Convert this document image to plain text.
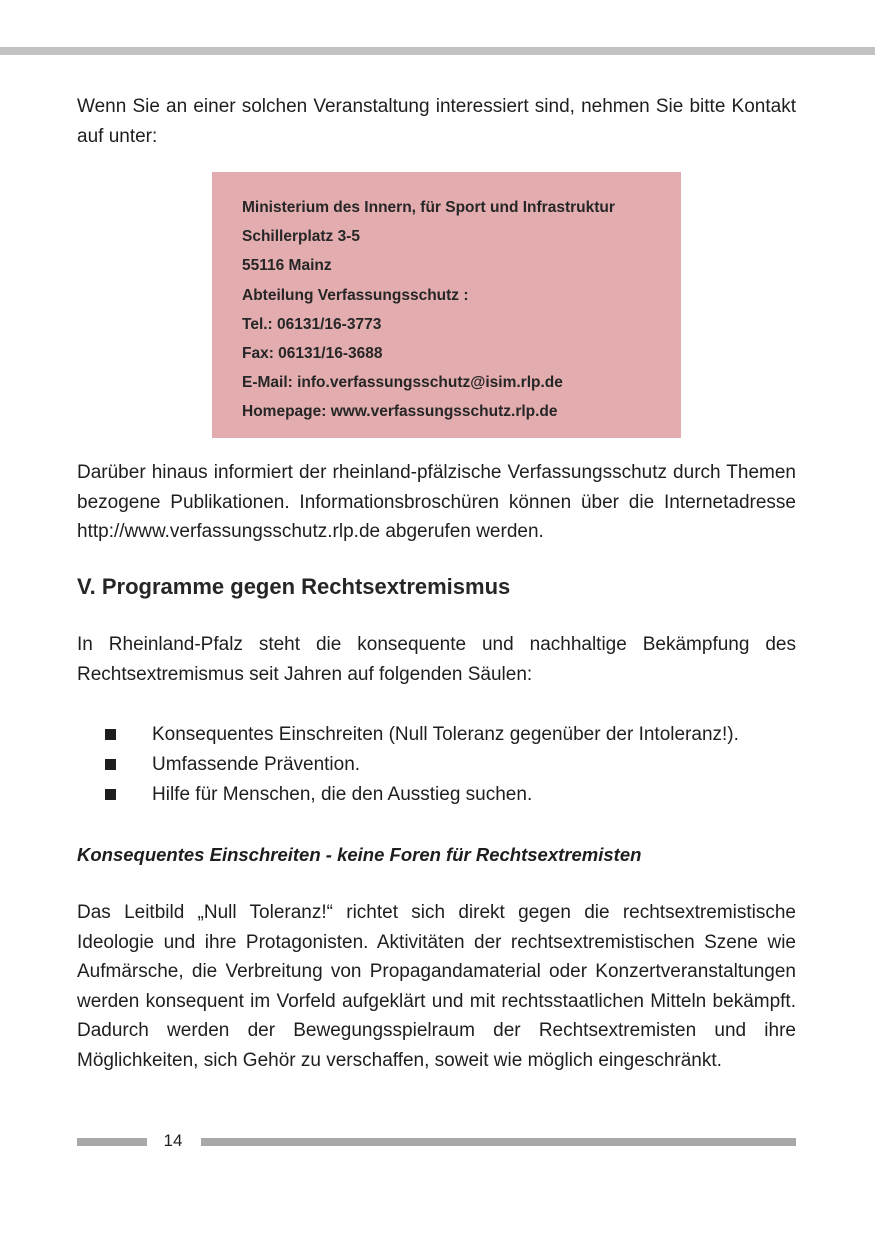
Wenn Sie an einer solchen Veranstaltung interessiert sind, nehmen Sie bitte Kontakt auf unter:

Ministerium des Innern, für Sport und Infrastruktur
Schillerplatz 3-5
55116 Mainz
Abteilung Verfassungsschutz :
Tel.: 06131/16-3773
Fax: 06131/16-3688
E-Mail: info.verfassungsschutz@isim.rlp.de
Homepage: www.verfassungsschutz.rlp.de

Darüber hinaus informiert der rheinland-pfälzische Verfassungsschutz durch Themen bezogene Publikationen. Informationsbroschüren können über die Internetadresse http://www.verfassungsschutz.rlp.de abgerufen werden.

V. Programme gegen Rechtsextremismus

In Rheinland-Pfalz steht die konsequente und nachhaltige Bekämpfung des Rechtsextremismus seit Jahren auf folgenden Säulen:

Konsequentes Einschreiten (Null Toleranz gegenüber der Intoleranz!).
Umfassende Prävention.
Hilfe für Menschen, die den Ausstieg suchen.
Konsequentes Einschreiten - keine Foren für Rechtsextremisten

Das Leitbild „Null Toleranz!“ richtet sich direkt gegen die rechtsextremistische Ideologie und ihre Protagonisten. Aktivitäten der rechtsextremistischen Szene wie Aufmärsche, die Verbreitung von Propagandamaterial oder Konzertveranstaltungen werden konsequent im Vorfeld aufgeklärt und mit rechtsstaatlichen Mitteln bekämpft. Dadurch werden der Bewegungsspielraum der Rechtsextremisten und ihre Möglichkeiten, sich Gehör zu verschaffen, soweit wie möglich eingeschränkt.

14
